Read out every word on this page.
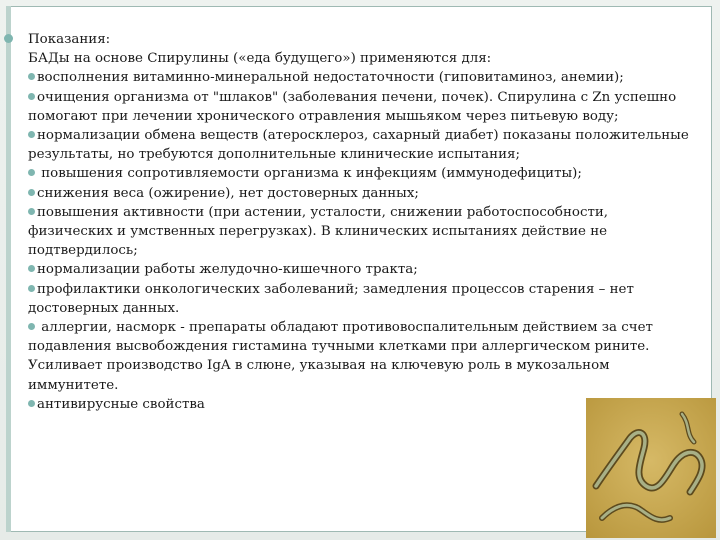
Показания:

БАДы на основе Спирулины («еда будущего») применяются для:

восполнения витаминно-минеральной недостаточности (гиповитаминоз, анемии);

очищения организма от "шлаков" (заболевания печени, почек). Спирулина с Zn успешно помогают при лечении хронического отравления мышьяком через питьевую воду;

нормализации обмена веществ (атеросклероз, сахарный диабет) показаны положительные результаты, но требуются дополнительные клинические испытания;

повышения сопротивляемости организма к инфекциям (иммунодефициты);

снижения веса (ожирение), нет достоверных данных;

повышения активности (при астении, усталости, снижении работоспособности, физических и умственных перегрузках). В клинических испытаниях действие не подтвердилось;

нормализации работы желудочно-кишечного тракта;

профилактики онкологических заболеваний; замедления процессов старения – нет достоверных данных.

аллергии, насморк - препараты обладают противовоспалительным действием за счет подавления высвобождения гистамина тучными клетками при аллергическом рините. Усиливает производство IgA в слюне, указывая на ключевую роль в мукозальном иммунитете.

антивирусные свойства
